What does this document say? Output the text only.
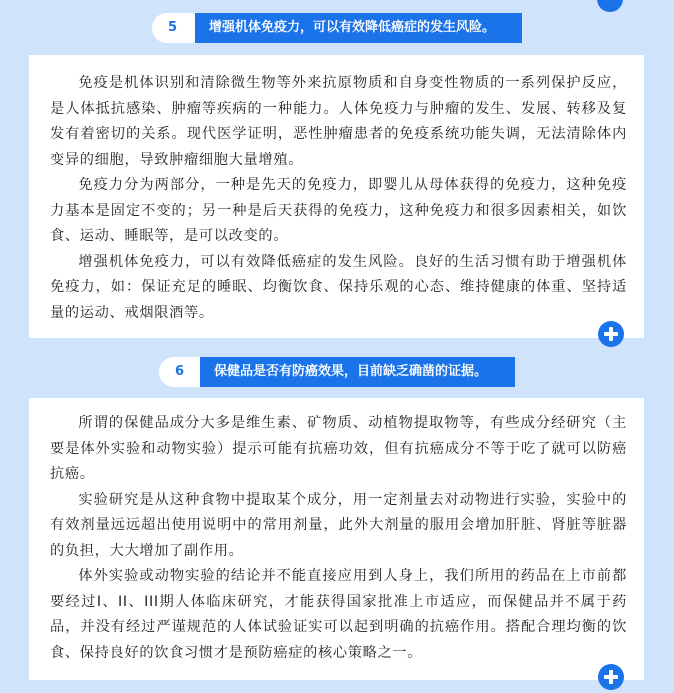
5	增强机体免疫力，可以有效降低癌症的发生风险。

免疫是机体识别和清除微生物等外来抗原物质和自身变性物质的一系列保护反应，是人体抵抗感染、肿瘤等疾病的一种能力。人体免疫力与肿瘤的发生、发展、转移及复发有着密切的关系。现代医学证明，恶性肿瘤患者的免疫系统功能失调，无法清除体内变异的细胞，导致肿瘤细胞大量增殖。

免疫力分为两部分，一种是先天的免疫力，即婴儿从母体获得的免疫力，这种免疫力基本是固定不变的；另一种是后天获得的免疫力，这种免疫力和很多因素相关，如饮食、运动、睡眠等，是可以改变的。

增强机体免疫力，可以有效降低癌症的发生风险。良好的生活习惯有助于增强机体免疫力，如：保证充足的睡眠、均衡饮食、保持乐观的心态、维持健康的体重、坚持适量的运动、戒烟限酒等。

6	保健品是否有防癌效果，目前缺乏确凿的证据。

所谓的保健品成分大多是维生素、矿物质、动植物提取物等，有些成分经研究（主要是体外实验和动物实验）提示可能有抗癌功效，但有抗癌成分不等于吃了就可以防癌抗癌。

实验研究是从这种食物中提取某个成分，用一定剂量去对动物进行实验，实验中的有效剂量远远超出使用说明中的常用剂量，此外大剂量的服用会增加肝脏、肾脏等脏器的负担，大大增加了副作用。

体外实验或动物实验的结论并不能直接应用到人身上，我们所用的药品在上市前都要经过I、II、III期人体临床研究，才能获得国家批准上市适应，而保健品并不属于药品，并没有经过严谨规范的人体试验证实可以起到明确的抗癌作用。搭配合理均衡的饮食、保持良好的饮食习惯才是预防癌症的核心策略之一。
